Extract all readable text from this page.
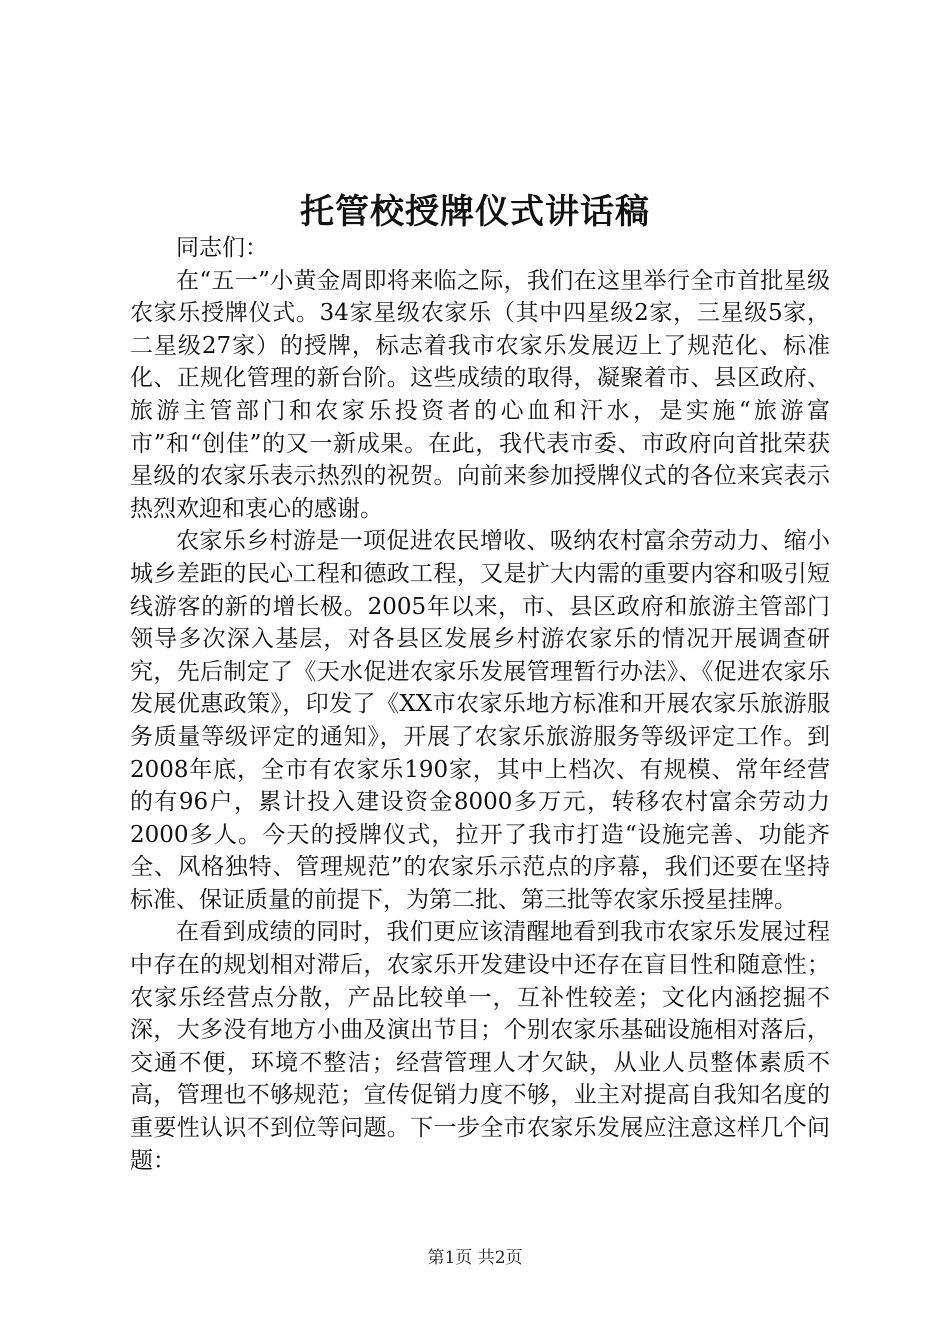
托管校授牌仪式讲话稿

同志们：

在“五一”小黄金周即将来临之际，我们在这里举行全市首批星级农家乐授牌仪式。34家星级农家乐（其中四星级2家，三星级5家，二星级27家）的授牌，标志着我市农家乐发展迈上了规范化、标准化、正规化管理的新台阶。这些成绩的取得，凝聚着市、县区政府、旅游主管部门和农家乐投资者的心血和汗水，是实施“旅游富市”和“创佳”的又一新成果。在此，我代表市委、市政府向首批荣获星级的农家乐表示热烈的祝贺。向前来参加授牌仪式的各位来宾表示热烈欢迎和衷心的感谢。

农家乐乡村游是一项促进农民增收、吸纳农村富余劳动力、缩小城乡差距的民心工程和德政工程，又是扩大内需的重要内容和吸引短线游客的新的增长极。2005年以来，市、县区政府和旅游主管部门领导多次深入基层，对各县区发展乡村游农家乐的情况开展调查研究，先后制定了《天水促进农家乐发展管理暂行办法》、《促进农家乐发展优惠政策》，印发了《XX市农家乐地方标准和开展农家乐旅游服务质量等级评定的通知》，开展了农家乐旅游服务等级评定工作。到2008年底，全市有农家乐190家，其中上档次、有规模、常年经营的有96户，累计投入建设资金8000多万元，转移农村富余劳动力2000多人。今天的授牌仪式，拉开了我市打造“设施完善、功能齐全、风格独特、管理规范”的农家乐示范点的序幕，我们还要在坚持标准、保证质量的前提下，为第二批、第三批等农家乐授星挂牌。

在看到成绩的同时，我们更应该清醒地看到我市农家乐发展过程中存在的规划相对滞后，农家乐开发建设中还存在盲目性和随意性；农家乐经营点分散，产品比较单一，互补性较差；文化内涵挖掘不深，大多没有地方小曲及演出节目；个别农家乐基础设施相对落后，交通不便，环境不整洁；经营管理人才欠缺，从业人员整体素质不高，管理也不够规范；宣传促销力度不够，业主对提高自我知名度的重要性认识不到位等问题。下一步全市农家乐发展应注意这样几个问题：

第1页 共2页
